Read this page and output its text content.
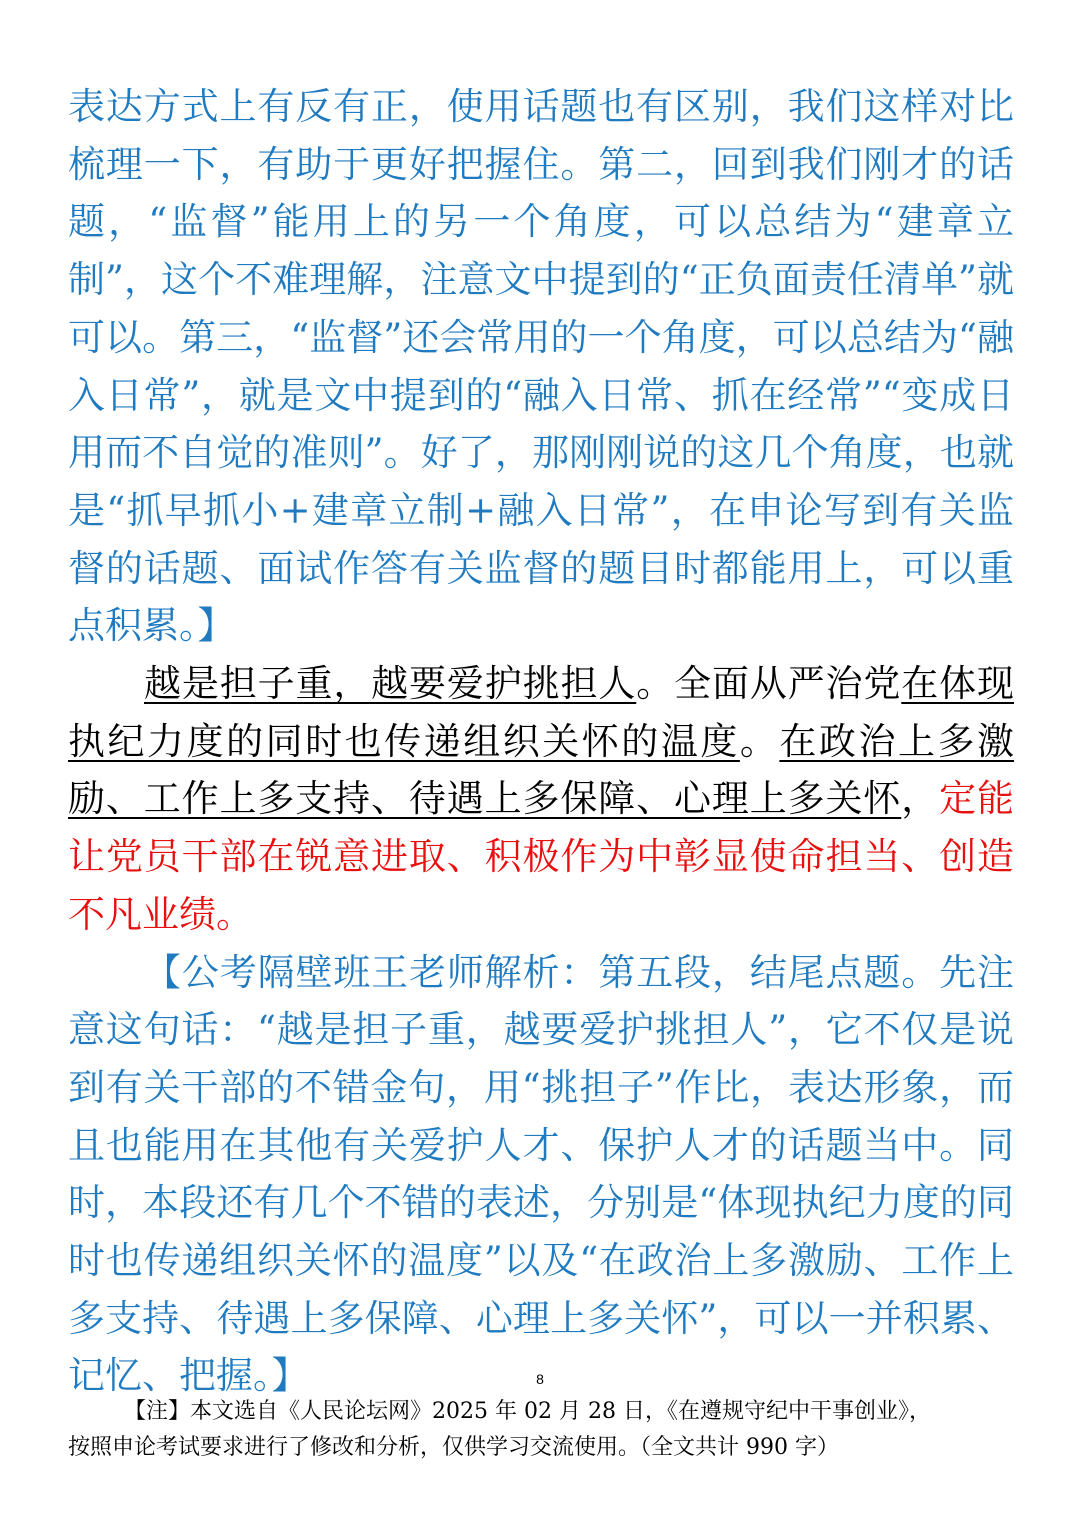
表达方式上有反有正，使用话题也有区别，我们这样对比梳理一下，有助于更好把握住。第二，回到我们刚才的话题，“监督”能用上的另一个角度，可以总结为“建章立制”，这个不难理解，注意文中提到的“正负面责任清单”就可以。第三，“监督”还会常用的一个角度，可以总结为“融入日常”，就是文中提到的“融入日常、抓在经常”“变成日用而不自觉的准则”。好了，那刚刚说的这几个角度，也就是“抓早抓小+建章立制+融入日常”，在申论写到有关监督的话题、面试作答有关监督的题目时都能用上，可以重点积累。】

越是担子重，越要爱护挑担人。全面从严治党在体现执纪力度的同时也传递组织关怀的温度。在政治上多激励、工作上多支持、待遇上多保障、心理上多关怀，定能让党员干部在锐意进取、积极作为中彰显使命担当、创造不凡业绩。

【公考隔壁班王老师解析：第五段，结尾点题。先注意这句话：“越是担子重，越要爱护挑担人”，它不仅是说到有关干部的不错金句，用“挑担子”作比，表达形象，而且也能用在其他有关爱护人才、保护人才的话题当中。同时，本段还有几个不错的表述，分别是“体现执纪力度的同时也传递组织关怀的温度”以及“在政治上多激励、工作上多支持、待遇上多保障、心理上多关怀”，可以一并积累、记忆、把握。】	8
【注】本文选自《人民论坛网》2025 年 02 月 28 日，《在遵规守纪中干事创业》，
按照申论考试要求进行了修改和分析，仅供学习交流使用。（全文共计 990 字）
